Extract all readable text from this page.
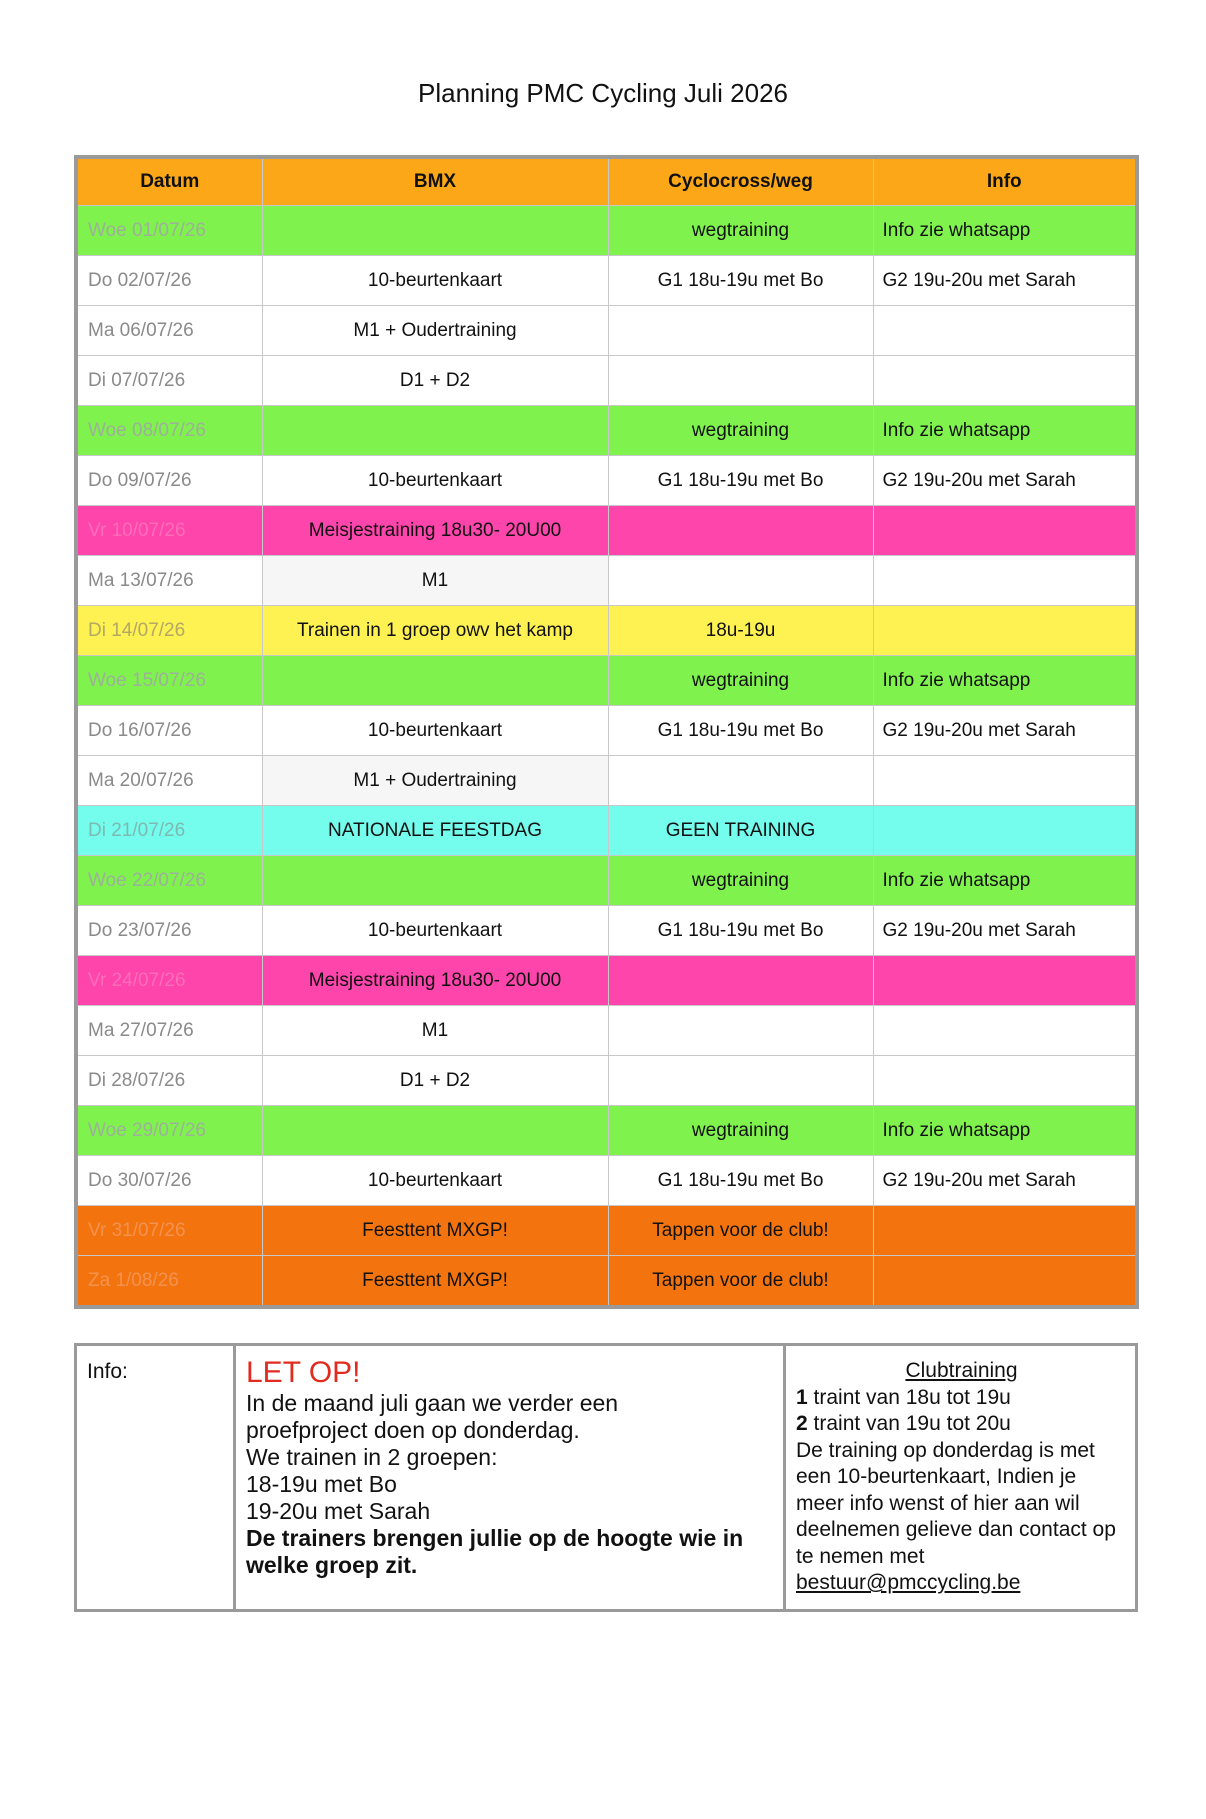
Planning PMC Cycling Juli 2026
Datum	BMX	Cyclocross/weg	Info
Woe 01/07/26		wegtraining	Info zie whatsapp
Do 02/07/26	10-beurtenkaart	G1 18u-19u met Bo	G2 19u-20u met Sarah
Ma 06/07/26	M1 + Oudertraining		
Di 07/07/26	D1 + D2		
Woe 08/07/26		wegtraining	Info zie whatsapp
Do 09/07/26	10-beurtenkaart	G1 18u-19u met Bo	G2 19u-20u met Sarah
Vr 10/07/26	Meisjestraining 18u30- 20U00		
Ma 13/07/26	M1		
Di 14/07/26	Trainen in 1 groep owv het kamp	18u-19u	
Woe 15/07/26		wegtraining	Info zie whatsapp
Do 16/07/26	10-beurtenkaart	G1 18u-19u met Bo	G2 19u-20u met Sarah
Ma 20/07/26	M1 + Oudertraining		
Di 21/07/26	NATIONALE FEESTDAG	GEEN TRAINING	
Woe 22/07/26		wegtraining	Info zie whatsapp
Do 23/07/26	10-beurtenkaart	G1 18u-19u met Bo	G2 19u-20u met Sarah
Vr 24/07/26	Meisjestraining 18u30- 20U00		
Ma 27/07/26	M1		
Di 28/07/26	D1 + D2		
Woe 29/07/26		wegtraining	Info zie whatsapp
Do 30/07/26	10-beurtenkaart	G1 18u-19u met Bo	G2 19u-20u met Sarah
Vr 31/07/26	Feesttent MXGP!	Tappen voor de club!	
Za 1/08/26	Feesttent MXGP!	Tappen voor de club!	
Info:	LET OP!
In de maand juli gaan we verder een
proefproject doen op donderdag.
We trainen in 2 groepen:
18-19u met Bo
19-20u met Sarah
De trainers brengen jullie op de hoogte wie in welke groep zit.

Clubtraining
1 traint van 18u tot 19u
2 traint van 19u tot 20u
De training op donderdag is met een 10-beurtenkaart, Indien je meer info wenst of hier aan wil deelnemen gelieve dan contact op te nemen met
bestuur@pmccycling.be
